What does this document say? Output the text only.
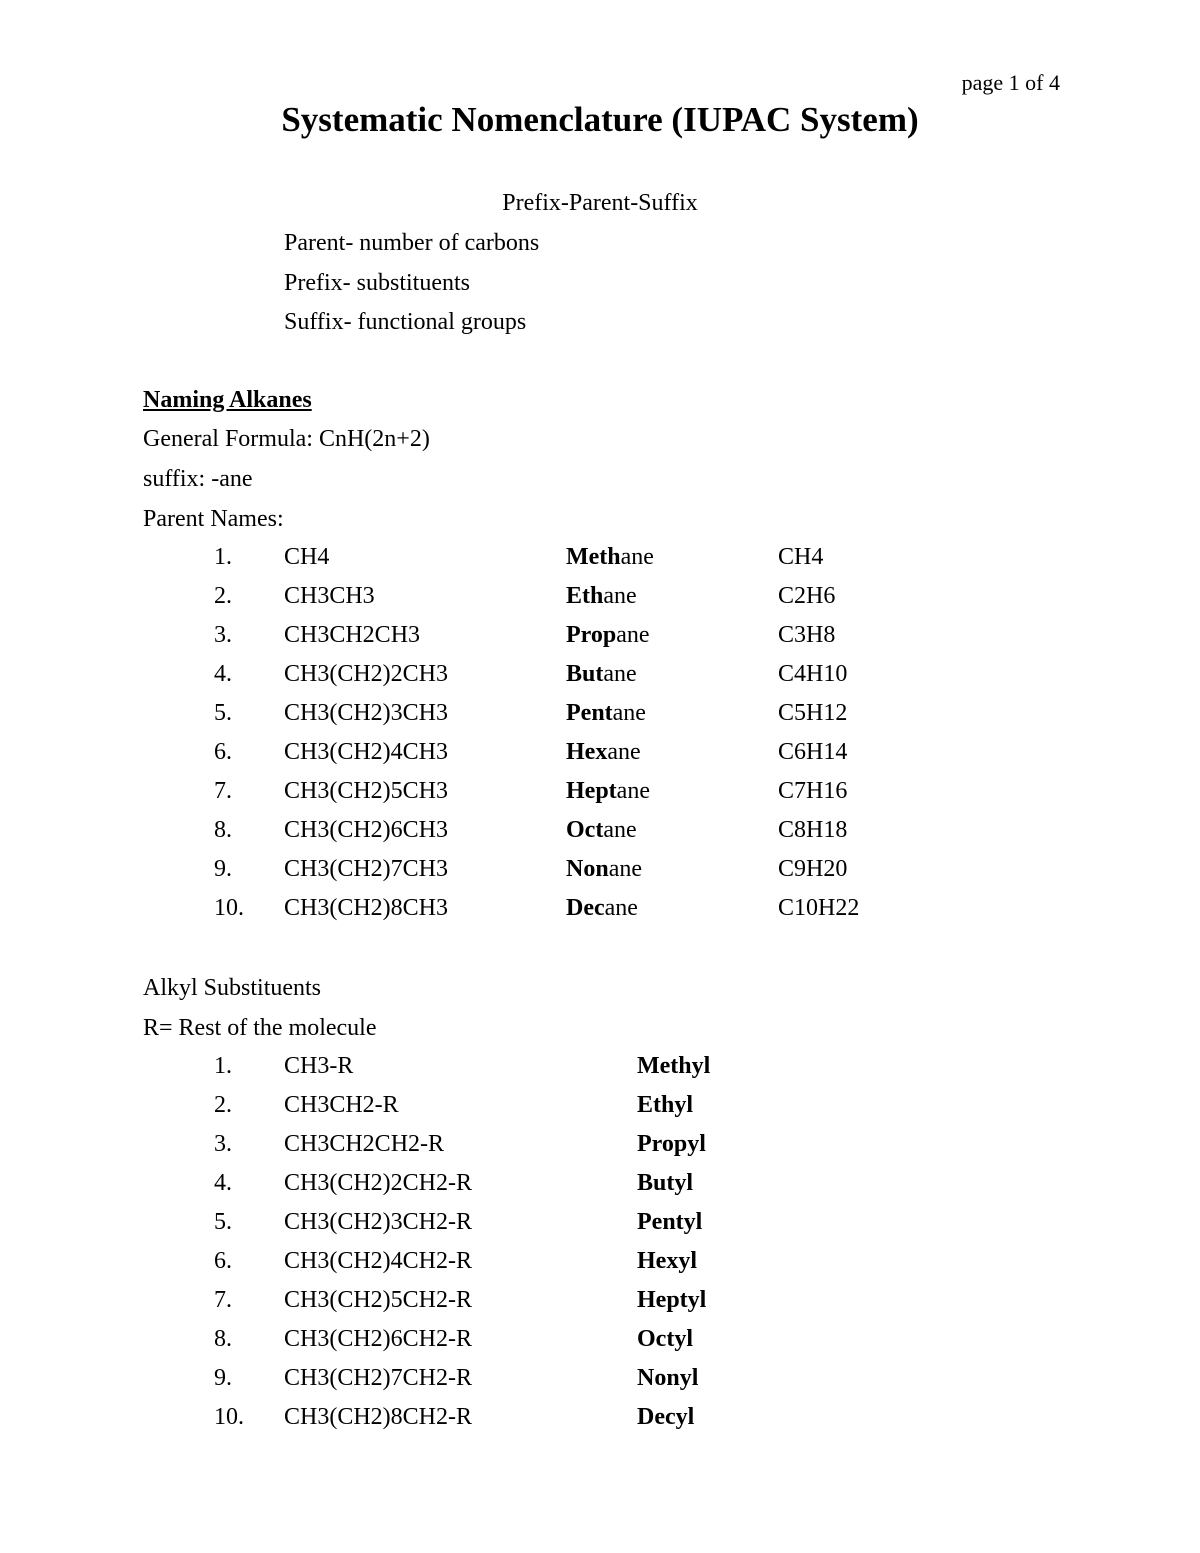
page 1 of 4
Systematic Nomenclature (IUPAC System)
Prefix-Parent-Suffix
Parent- number of carbons
Prefix- substituents
Suffix- functional groups
Naming Alkanes
General Formula: CnH(2n+2)
suffix: -ane
Parent Names:
1. CH4	Methane	CH4
2. CH3CH3	Ethane	C2H6
3. CH3CH2CH3	Propane	C3H8
4. CH3(CH2)2CH3	Butane	C4H10
5. CH3(CH2)3CH3	Pentane	C5H12
6. CH3(CH2)4CH3	Hexane	C6H14
7. CH3(CH2)5CH3	Heptane	C7H16
8. CH3(CH2)6CH3	Octane	C8H18
9. CH3(CH2)7CH3	Nonane	C9H20
10. CH3(CH2)8CH3	Decane	C10H22
Alkyl Substituents
R= Rest of the molecule
1. CH3-R	Methyl
2. CH3CH2-R	Ethyl
3. CH3CH2CH2-R	Propyl
4. CH3(CH2)2CH2-R	Butyl
5. CH3(CH2)3CH2-R	Pentyl
6. CH3(CH2)4CH2-R	Hexyl
7. CH3(CH2)5CH2-R	Heptyl
8. CH3(CH2)6CH2-R	Octyl
9. CH3(CH2)7CH2-R	Nonyl
10. CH3(CH2)8CH2-R	Decyl
